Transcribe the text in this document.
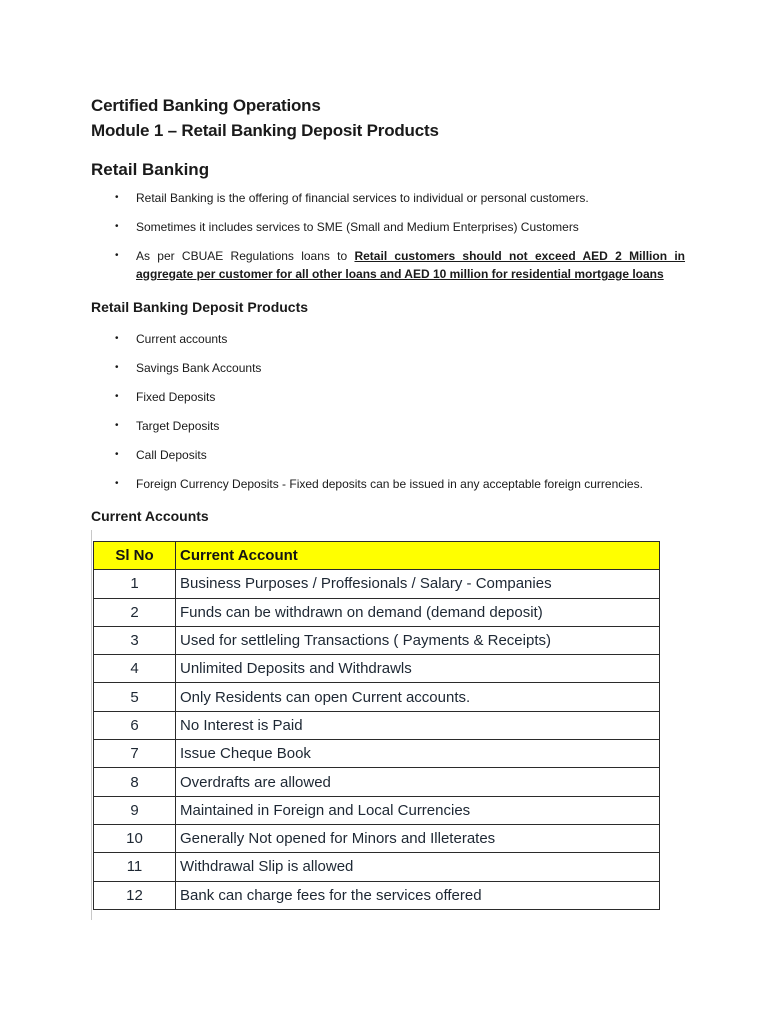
Certified Banking Operations
Module 1 – Retail Banking Deposit Products
Retail Banking
• Retail Banking is the offering of financial services to individual or personal customers.
• Sometimes it includes services to SME (Small and Medium Enterprises) Customers
• As per CBUAE Regulations loans to Retail customers should not exceed AED 2 Million in aggregate per customer for all other loans and AED 10 million for residential mortgage loans
Retail Banking Deposit Products
• Current accounts
• Savings Bank Accounts
• Fixed Deposits
• Target Deposits
• Call Deposits
• Foreign Currency Deposits - Fixed deposits can be issued in any acceptable foreign currencies.
Current Accounts
Sl No	Current Account
1	Business Purposes / Proffesionals / Salary - Companies
2	Funds can be withdrawn on demand (demand deposit)
3	Used for settleling Transactions ( Payments & Receipts)
4	Unlimited Deposits and Withdrawls
5	Only Residents can open Current accounts.
6	No Interest is Paid
7	Issue Cheque Book
8	Overdrafts are allowed
9	Maintained in Foreign and Local Currencies
10	Generally Not opened for Minors and Illeterates
11	Withdrawal Slip is allowed
12	Bank can charge fees for the services offered
